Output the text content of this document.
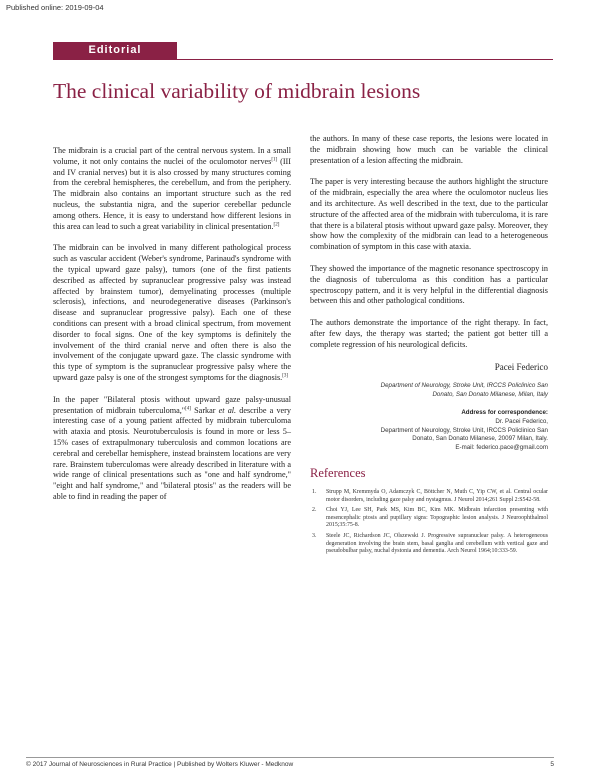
Published online: 2019-09-04
Editorial
The clinical variability of midbrain lesions

The midbrain is a crucial part of the central nervous system. In a small volume, it not only contains the nuclei of the oculomotor nerves[1] (III and IV cranial nerves) but it is also crossed by many structures coming from the cerebral hemispheres, the cerebellum, and from the periphery. The midbrain also contains an important structure such as the red nucleus, the substantia nigra, and the superior cerebellar peduncle among others. Hence, it is easy to understand how different lesions in this area can lead to such a great variability in clinical presentation.[2]

The midbrain can be involved in many different pathological process such as vascular accident (Weber's syndrome, Parinaud's syndrome with the typical upward gaze palsy), tumors (one of the first patients described as affected by supranuclear progressive palsy was instead affected by brainstem tumor), demyelinating processes (multiple sclerosis), infections, and neurodegenerative diseases (Parkinson's disease and supranuclear progressive palsy). Each one of these conditions can present with a broad clinical spectrum, from movement disorder to focal signs. One of the key symptoms is definitely the involvement of the third cranial nerve and often there is also the involvement of the conjugate upward gaze. The classic syndrome with this type of symptom is the supranuclear progressive palsy where the upward gaze palsy is one of the strongest symptoms for the diagnosis.[3]

In the paper "Bilateral ptosis without upward gaze palsy-unusual presentation of midbrain tuberculoma,"[4] Sarkar et al. describe a very interesting case of a young patient affected by midbrain tuberculoma with ataxia and ptosis. Neurotuberculosis is found in more or less 5–15% cases of extrapulmonary tuberculosis and common locations are cerebral and cerebellar hemisphere, instead brainstem locations are very rare. Brainstem tuberculomas were already described in literature with a wide range of clinical presentations such as "one and half syndrome," "eight and half syndrome," and "bilateral ptosis" as the readers will be able to find in reading the paper of

the authors. In many of these case reports, the lesions were located in the midbrain showing how much can be variable the clinical presentation of a lesion affecting the midbrain.

The paper is very interesting because the authors highlight the structure of the midbrain, especially the area where the oculomotor nucleus lies and its architecture. As well described in the text, due to the particular structure of the affected area of the midbrain with tuberculoma, it is rare that there is a bilateral ptosis without upward gaze palsy. Moreover, they show how the complexity of the midbrain can lead to a heterogeneous combination of symptom in this case with ataxia.

They showed the importance of the magnetic resonance spectroscopy in the diagnosis of tuberculoma as this condition has a particular spectroscopy pattern, and it is very helpful in the differential diagnosis between this and other pathological conditions.

The authors demonstrate the importance of the right therapy. In fact, after few days, the therapy was started; the patient got better till a complete regression of his neurological deficits.

Pacei Federico
Department of Neurology, Stroke Unit, IRCCS Policlinico San
Donato, San Donato Milanese, Milan, Italy
Address for correspondence:
Dr. Pacei Federico,
Department of Neurology, Stroke Unit, IRCCS Policlinico San
Donato, San Donato Milanese, 20097 Milan, Italy.
E-mail: federico.pace@gmail.com
References
1.	Strupp M, Kremmyda O, Adamczyk C, Böttcher N, Muth C, Yip CW, et al. Central ocular motor disorders, including gaze palsy and nystagmus. J Neurol 2014;261 Suppl 2:S542-58.
2.	Choi YJ, Lee SH, Park MS, Kim BC, Kim MK. Midbrain infarction presenting with mesencephalic ptosis and pupillary signs: Topographic lesion analysis. J Neuroophthalmol 2015;35:75-8.
3.	Steele JC, Richardson JC, Olszewski J. Progressive supranuclear palsy. A heterogeneous degeneration involving the brain stem, basal ganglia and cerebellum with vertical gaze and pseudobulbar palsy, nuchal dystonia and dementia. Arch Neurol 1964;10:333-59.
© 2017 Journal of Neurosciences in Rural Practice | Published by Wolters Kluwer - Medknow	5
